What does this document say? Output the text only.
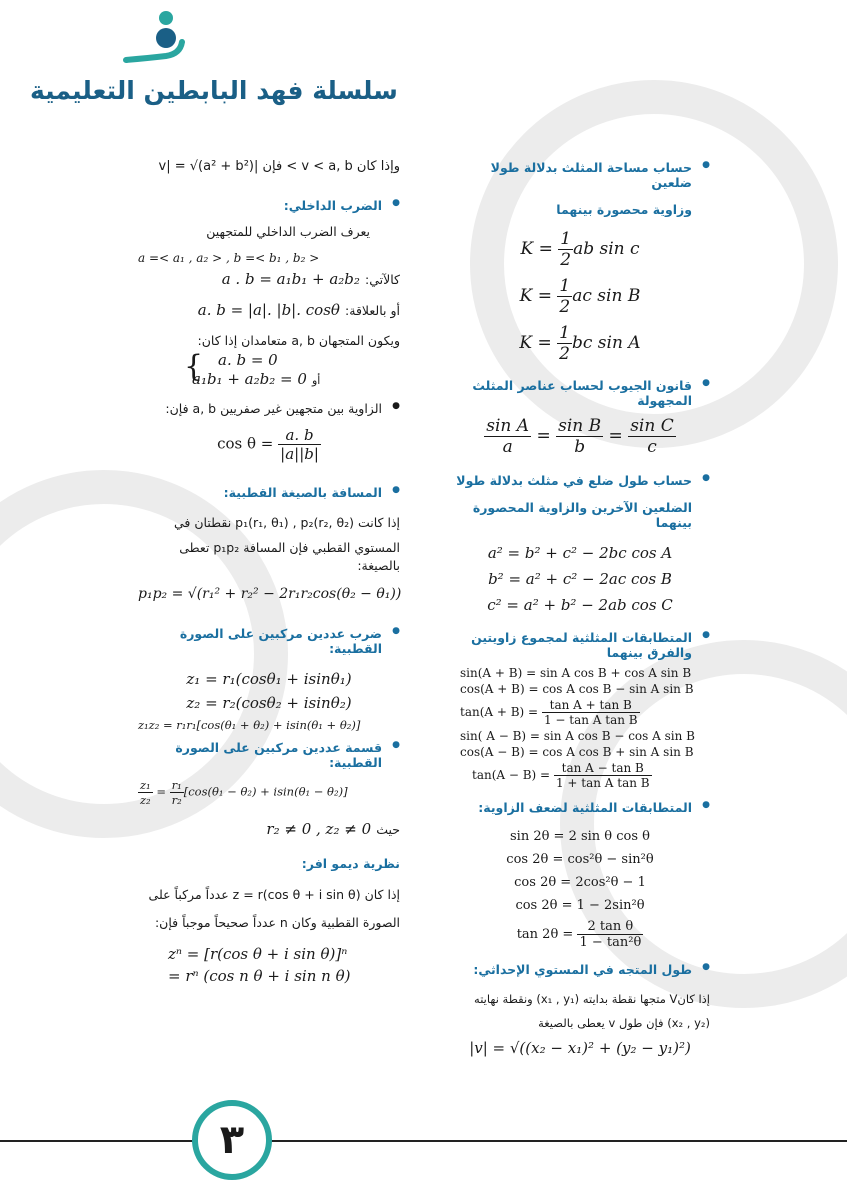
سلسلة فهد البابطين التعليمية
● حساب مساحة المثلث بدلالة طولا ضلعين
وزاوية محصورة بينهما
$K = \frac{1}{2}$ ab sin c
$K = \frac{1}{2}$ ac sin B
$K = \frac{1}{2}$ bc sin A
● قانون الجيوب لحساب عناصر المثلث المجهولة
$\frac{\text{sin A}}{a} = \frac{\text{sin B}}{b} = \frac{\text{sin C}}{c}$
● حساب طول ضلع في مثلث بدلالة طولا
الضلعين الآخرين والزاوية المحصورة بينهما
a² = b² + c² − 2bc cos A
b² = a² + c² − 2ac cos B
c² = a² + b² − 2ab cos C
● المتطابقات المثلثية لمجموع زاويتين والفرق بينهما
sin(A + B) = sin A cos B + cos A sin B
cos(A + B) = cos A cos B − sin A sin B
$\tan(A + B) = \frac{\text{tan A + tan B}}{\text{1 − tan A tan B}}$
sin( A − B) = sin A cos B − cos A sin B
cos(A − B) = cos A cos B + sin A sin B
$\tan(A - B) = \frac{\text{tan A − tan B}}{\text{1 + tan A tan B}}$
● المتطابقات المثلثية لضعف الزاوية:
sin 2θ = 2 sin θ cos θ
cos 2θ = cos²θ − sin²θ
cos 2θ = 2cos²θ − 1
cos 2θ = 1 − 2sin²θ
$\tan 2\theta = \frac{\text{2 tan θ}}{\text{1 − tan²θ}}$
● طول المتجه في المستوي الإحداثي:
إذا كانV متجها نقطة بدايته (x₁ , y₁) ونقطة نهايته
(x₂ , y₂) فإن طول v يعطى بالصيغة
|v| = √((x₂ − x₁)² + (y₂ − y₁)²)
وإذا كان v < a, b > فإن |v| = √(a² + b²)
● الضرب الداخلي:
يعرف الضرب الداخلي للمتجهين
a =< a₁ , a₂ > , b =< b₁ , b₂ >
كالآتي: a . b = a₁b₁ + a₂b₂
أو بالعلاقة: a. b = |a|. |b|. cosθ
ويكون المتجهان a, b متعامدان إذا كان:
{ a. b = 0
a₁b₁ + a₂b₂ = 0 أو
● الزاوية بين متجهين غير صفريين a, b فإن:
$\cos \theta = \frac{a. b}{|a||b|}$
● المسافة بالصيغة القطبية:
إذا كانت p₁(r₁, θ₁) , p₂(r₂, θ₂) نقطتان في
المستوي القطبي فإن المسافة p₁p₂ تعطى بالصيغة:
p₁p₂ = √(r₁² + r₂² − 2r₁r₂cos(θ₂ − θ₁))
● ضرب عددين مركبين على الصورة القطبية:
z₁ = r₁(cosθ₁ + isinθ₁)
z₂ = r₂(cosθ₂ + isinθ₂)
z₁z₂ = r₁r₁[cos(θ₁ + θ₂) + isin(θ₁ + θ₂)]
● قسمة عددين مركبين على الصورة القطبية:
$\frac{\text{z₁}}{\text{z₂}} = \frac{\text{r₁}}{\text{r₂}} [\cos(\theta_1 - \theta_2) + isin(\theta_1 - \theta_2)]$
حيث r₂ ≠ 0 , z₂ ≠ 0
نظرية ديمو افر:
إذا كان z = r(cos θ + i sin θ) عدداً مركباً على
الصورة القطبية وكان n عدداً صحيحاً موجباً فإن:
zⁿ = [r(cos θ + i sin θ)]ⁿ
= rⁿ (cos n θ + i sin n θ)
٣
